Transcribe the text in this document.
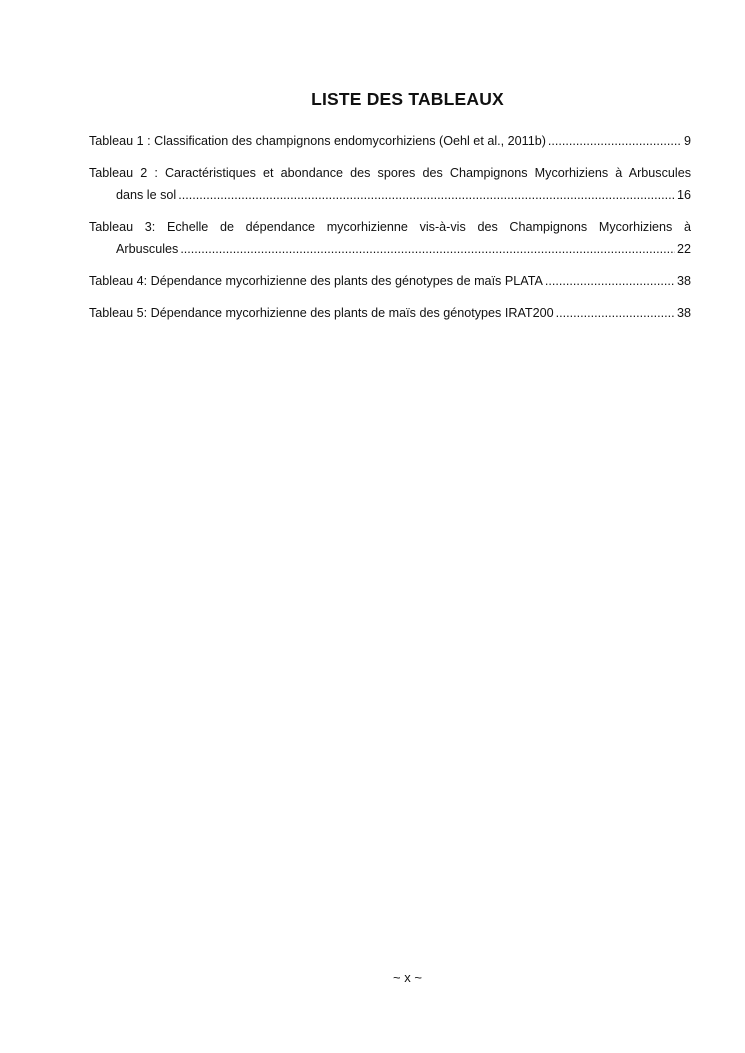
LISTE DES TABLEAUX
Tableau 1 : Classification des champignons endomycorhiziens (Oehl et al., 2011b) .....	9
Tableau 2 : Caractéristiques et abondance des spores des Champignons Mycorhiziens à Arbuscules
dans le sol .....	16
Tableau 3: Echelle de dépendance mycorhizienne vis-à-vis des Champignons Mycorhiziens à
Arbuscules .....	22
Tableau 4: Dépendance mycorhizienne des plants des génotypes de maïs PLATA .....	38
Tableau 5: Dépendance mycorhizienne des plants de maïs des génotypes IRAT200 .....	38
~ x ~
